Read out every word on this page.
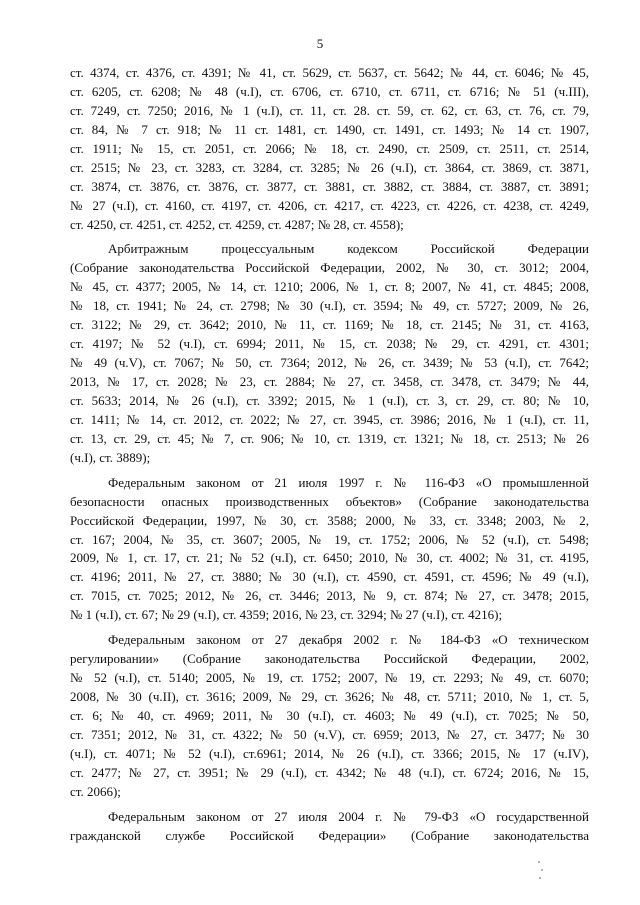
5
ст. 4374, ст. 4376, ст. 4391; № 41, ст. 5629, ст. 5637, ст. 5642; № 44, ст. 6046; № 45,
ст. 6205, ст. 6208; № 48 (ч.I), ст. 6706, ст. 6710, ст. 6711, ст. 6716; № 51 (ч.III),
ст. 7249, ст. 7250; 2016, № 1 (ч.I), ст. 11, ст. 28. ст. 59, ст. 62, ст. 63, ст. 76, ст. 79,
ст. 84, № 7 ст. 918; № 11 ст. 1481, ст. 1490, ст. 1491, ст. 1493; № 14 ст. 1907,
ст. 1911; № 15, ст. 2051, ст. 2066; № 18, ст. 2490, ст. 2509, ст. 2511, ст. 2514,
ст. 2515; № 23, ст. 3283, ст. 3284, ст. 3285; № 26 (ч.I), ст. 3864, ст. 3869, ст. 3871,
ст. 3874, ст. 3876, ст. 3876, ст. 3877, ст. 3881, ст. 3882, ст. 3884, ст. 3887, ст. 3891;
№ 27 (ч.I), ст. 4160, ст. 4197, ст. 4206, ст. 4217, ст. 4223, ст. 4226, ст. 4238, ст. 4249,
ст. 4250, ст. 4251, ст. 4252, ст. 4259, ст. 4287; № 28, ст. 4558);
Арбитражным процессуальным кодексом Российской Федерации
(Собрание законодательства Российской Федерации, 2002, № 30, ст. 3012; 2004,
№ 45, ст. 4377; 2005, № 14, ст. 1210; 2006, № 1, ст. 8; 2007, № 41, ст. 4845; 2008,
№ 18, ст. 1941; № 24, ст. 2798; № 30 (ч.I), ст. 3594; № 49, ст. 5727; 2009, № 26,
ст. 3122; № 29, ст. 3642; 2010, № 11, ст. 1169; № 18, ст. 2145; № 31, ст. 4163,
ст. 4197; № 52 (ч.I), ст. 6994; 2011, № 15, ст. 2038; № 29, ст. 4291, ст. 4301;
№ 49 (ч.V), ст. 7067; № 50, ст. 7364; 2012, № 26, ст. 3439; № 53 (ч.I), ст. 7642;
2013, № 17, ст. 2028; № 23, ст. 2884; № 27, ст. 3458, ст. 3478, ст. 3479; № 44,
ст. 5633; 2014, № 26 (ч.I), ст. 3392; 2015, № 1 (ч.I), ст. 3, ст. 29, ст. 80; № 10,
ст. 1411; № 14, ст. 2012, ст. 2022; № 27, ст. 3945, ст. 3986; 2016, № 1 (ч.I), ст. 11,
ст. 13, ст. 29, ст. 45; № 7, ст. 906; № 10, ст. 1319, ст. 1321; № 18, ст. 2513; № 26
(ч.I), ст. 3889);
Федеральным законом от 21 июля 1997 г. № 116-ФЗ «О промышленной
безопасности опасных производственных объектов» (Собрание законодательства
Российской Федерации, 1997, № 30, ст. 3588; 2000, № 33, ст. 3348; 2003, № 2,
ст. 167; 2004, № 35, ст. 3607; 2005, № 19, ст. 1752; 2006, № 52 (ч.I), ст. 5498;
2009, № 1, ст. 17, ст. 21; № 52 (ч.I), ст. 6450; 2010, № 30, ст. 4002; № 31, ст. 4195,
ст. 4196; 2011, № 27, ст. 3880; № 30 (ч.I), ст. 4590, ст. 4591, ст. 4596; № 49 (ч.I),
ст. 7015, ст. 7025; 2012, № 26, ст. 3446; 2013, № 9, ст. 874; № 27, ст. 3478; 2015,
№ 1 (ч.I), ст. 67; № 29 (ч.I), ст. 4359; 2016, № 23, ст. 3294; № 27 (ч.I), ст. 4216);
Федеральным законом от 27 декабря 2002 г. № 184-ФЗ «О техническом
регулировании» (Собрание законодательства Российской Федерации, 2002,
№ 52 (ч.I), ст. 5140; 2005, № 19, ст. 1752; 2007, № 19, ст. 2293; № 49, ст. 6070;
2008, № 30 (ч.II), ст. 3616; 2009, № 29, ст. 3626; № 48, ст. 5711; 2010, № 1, ст. 5,
ст. 6; № 40, ст. 4969; 2011, № 30 (ч.I), ст. 4603; № 49 (ч.I), ст. 7025; № 50,
ст. 7351; 2012, № 31, ст. 4322; № 50 (ч.V), ст. 6959; 2013, № 27, ст. 3477; № 30
(ч.I), ст. 4071; № 52 (ч.I), ст.6961; 2014, № 26 (ч.I), ст. 3366; 2015, № 17 (ч.IV),
ст. 2477; № 27, ст. 3951; № 29 (ч.I), ст. 4342; № 48 (ч.I), ст. 6724; 2016, № 15,
ст. 2066);
Федеральным законом от 27 июля 2004 г. № 79-ФЗ «О государственной
гражданской службе Российской Федерации» (Собрание законодательства
